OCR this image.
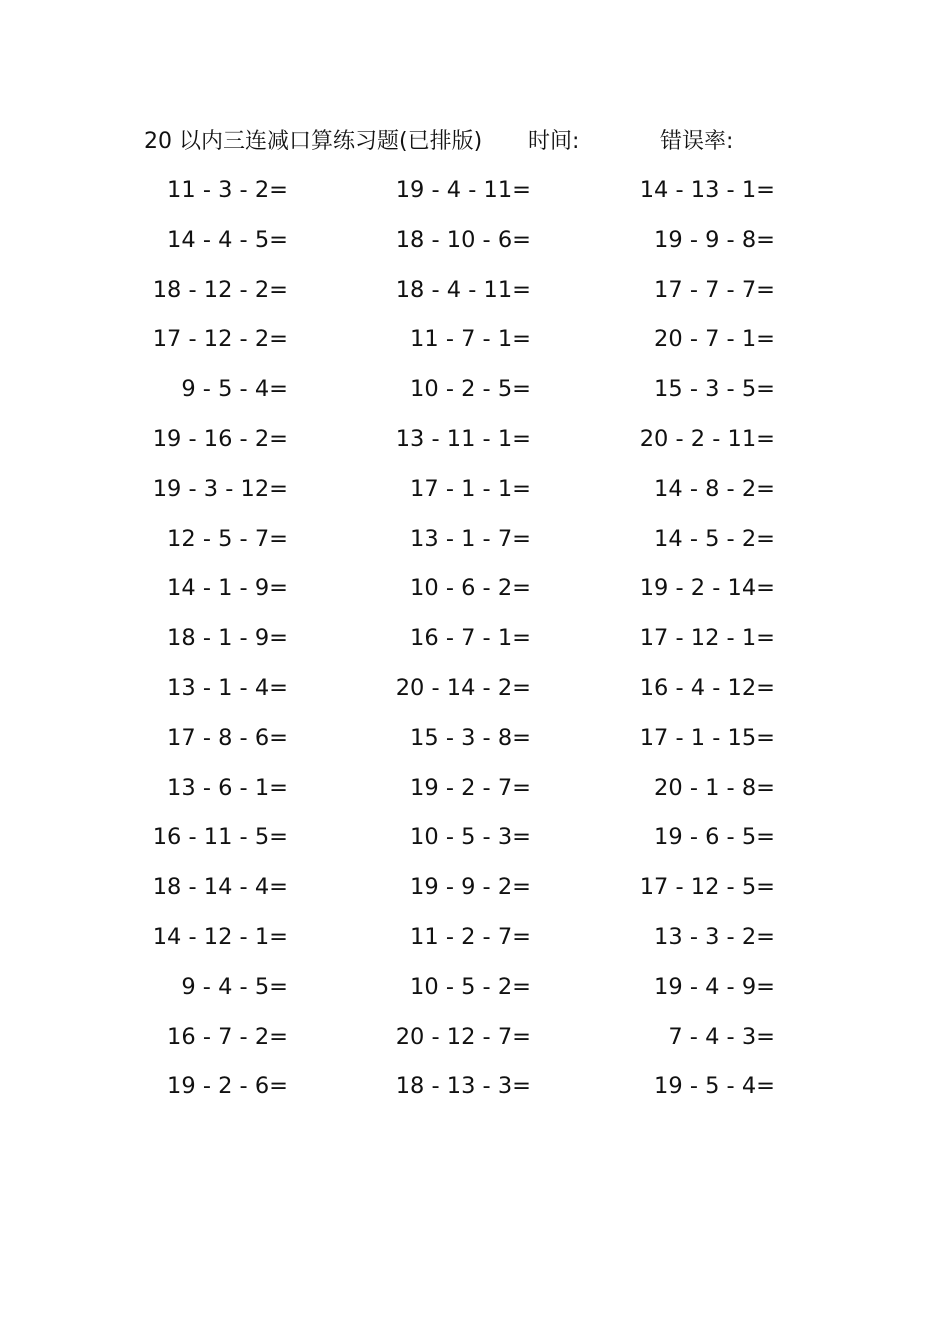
20 以内三连减口算练习题(已排版) 时间:	错误率:
11 - 3 - 2=	19 - 4 - 11=	14 - 13 - 1=
14 - 4 - 5=	18 - 10 - 6=	19 - 9 - 8=
18 - 12 - 2=	18 - 4 - 11=	17 - 7 - 7=
17 - 12 - 2=	11 - 7 - 1=	20 - 7 - 1=
9 - 5 - 4=	10 - 2 - 5=	15 - 3 - 5=
19 - 16 - 2=	13 - 11 - 1=	20 - 2 - 11=
19 - 3 - 12=	17 - 1 - 1=	14 - 8 - 2=
12 - 5 - 7=	13 - 1 - 7=	14 - 5 - 2=
14 - 1 - 9=	10 - 6 - 2=	19 - 2 - 14=
18 - 1 - 9=	16 - 7 - 1=	17 - 12 - 1=
13 - 1 - 4=	20 - 14 - 2=	16 - 4 - 12=
17 - 8 - 6=	15 - 3 - 8=	17 - 1 - 15=
13 - 6 - 1=	19 - 2 - 7=	20 - 1 - 8=
16 - 11 - 5=	10 - 5 - 3=	19 - 6 - 5=
18 - 14 - 4=	19 - 9 - 2=	17 - 12 - 5=
14 - 12 - 1=	11 - 2 - 7=	13 - 3 - 2=
9 - 4 - 5=	10 - 5 - 2=	19 - 4 - 9=
16 - 7 - 2=	20 - 12 - 7=	7 - 4 - 3=
19 - 2 - 6=	18 - 13 - 3=	19 - 5 - 4=
